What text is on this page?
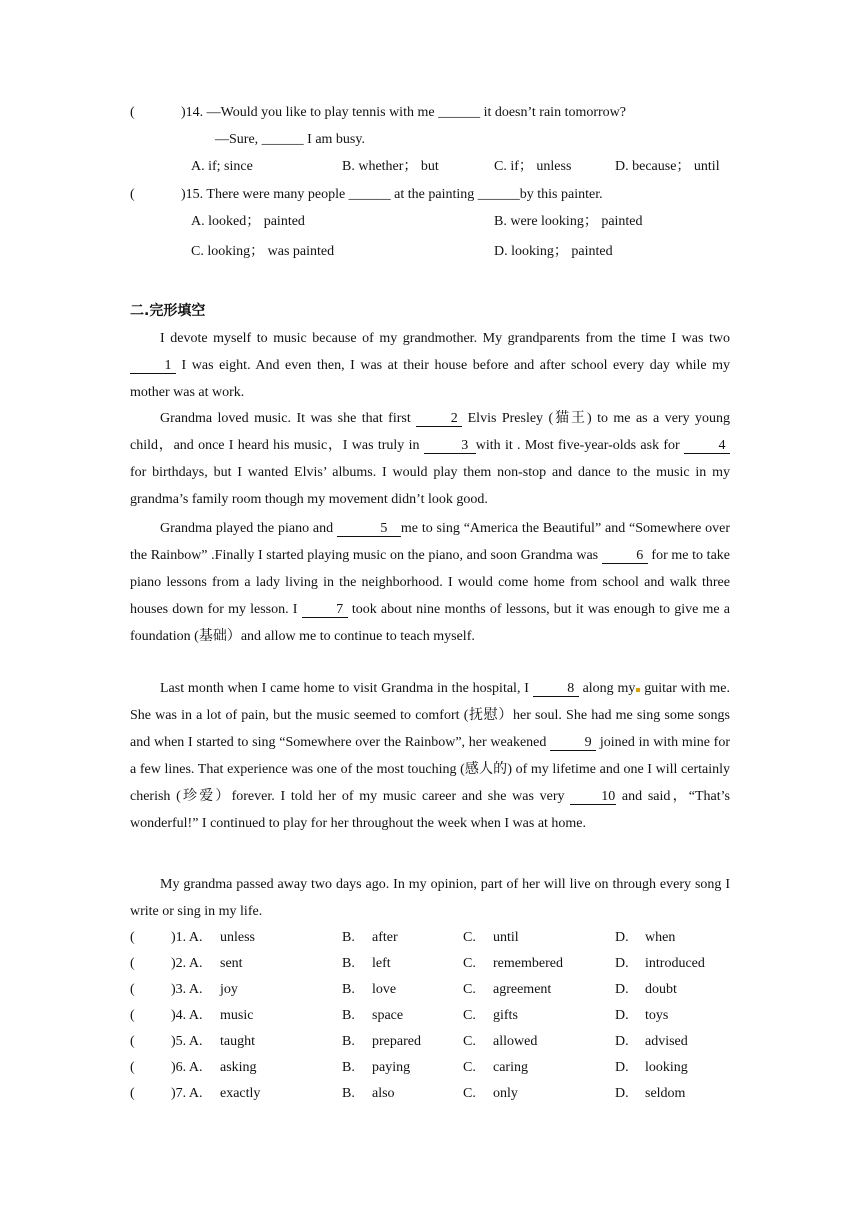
(	)14. —Would you like to play tennis with me ______ it doesn’t rain tomorrow?
—Sure, ______ I am busy.
A. if; since	B. whether； but	C. if； unless	D. because； until
(	)15. There were many people ______ at the painting ______by this painter.
A. looked； painted	B. were looking； painted
C. looking； was painted	D. looking； painted
二.完形填空
I devote myself to music because of my grandmother. My grandparents from the time I was two 1 I was eight. And even then, I was at their house before and after school every day while my mother was at work.
Grandma loved music. It was she that first 2 Elvis Presley (猫王) to me as a very young child，and once I heard his music，I was truly in	3 with it . Most five-year-olds ask for 4 for birthdays, but I wanted Elvis’ albums. I would play them non-stop and dance to the music in my grandma’s family room though my movement didn’t look good.
Grandma played the piano and	5 me to sing “America the Beautiful” and “Somewhere over the Rainbow” .Finally I started playing music on the piano, and soon Grandma was 6 for me to take piano lessons from a lady living in the neighborhood. I would come home from school and walk three houses down for my lesson. I 7 took about nine months of lessons, but it was enough to give me a foundation (基础）and allow me to continue to teach myself.
Last month when I came home to visit Grandma in the hospital, I 8 along my guitar with me. She was in a lot of pain, but the music seemed to comfort (抚慰）her soul. She had me sing some songs and when I started to sing “Somewhere over the Rainbow”, her weakened 9 joined in with mine for a few lines. That experience was one of the most touching (感人的) of my lifetime and one I will certainly cherish (珍爱）forever. I told her of my music career and she was very 10 and said，“That’s wonderful!” I continued to play for her throughout the week when I was at home.
My grandma passed away two days ago. In my opinion, part of her will live on through every song I write or sing in my life.
(	)1. A. unless	B. after	C. until	D. when
(	)2. A. sent	B. left	C. remembered	D. introduced
(	)3. A. joy	B. love	C. agreement	D. doubt
(	)4. A. music	B. space	C. gifts	D. toys
(	)5. A. taught	B. prepared	C. allowed	D. advised
(	)6. A. asking	B. paying	C. caring	D. looking
(	)7. A. exactly	B. also	C. only	D. seldom
